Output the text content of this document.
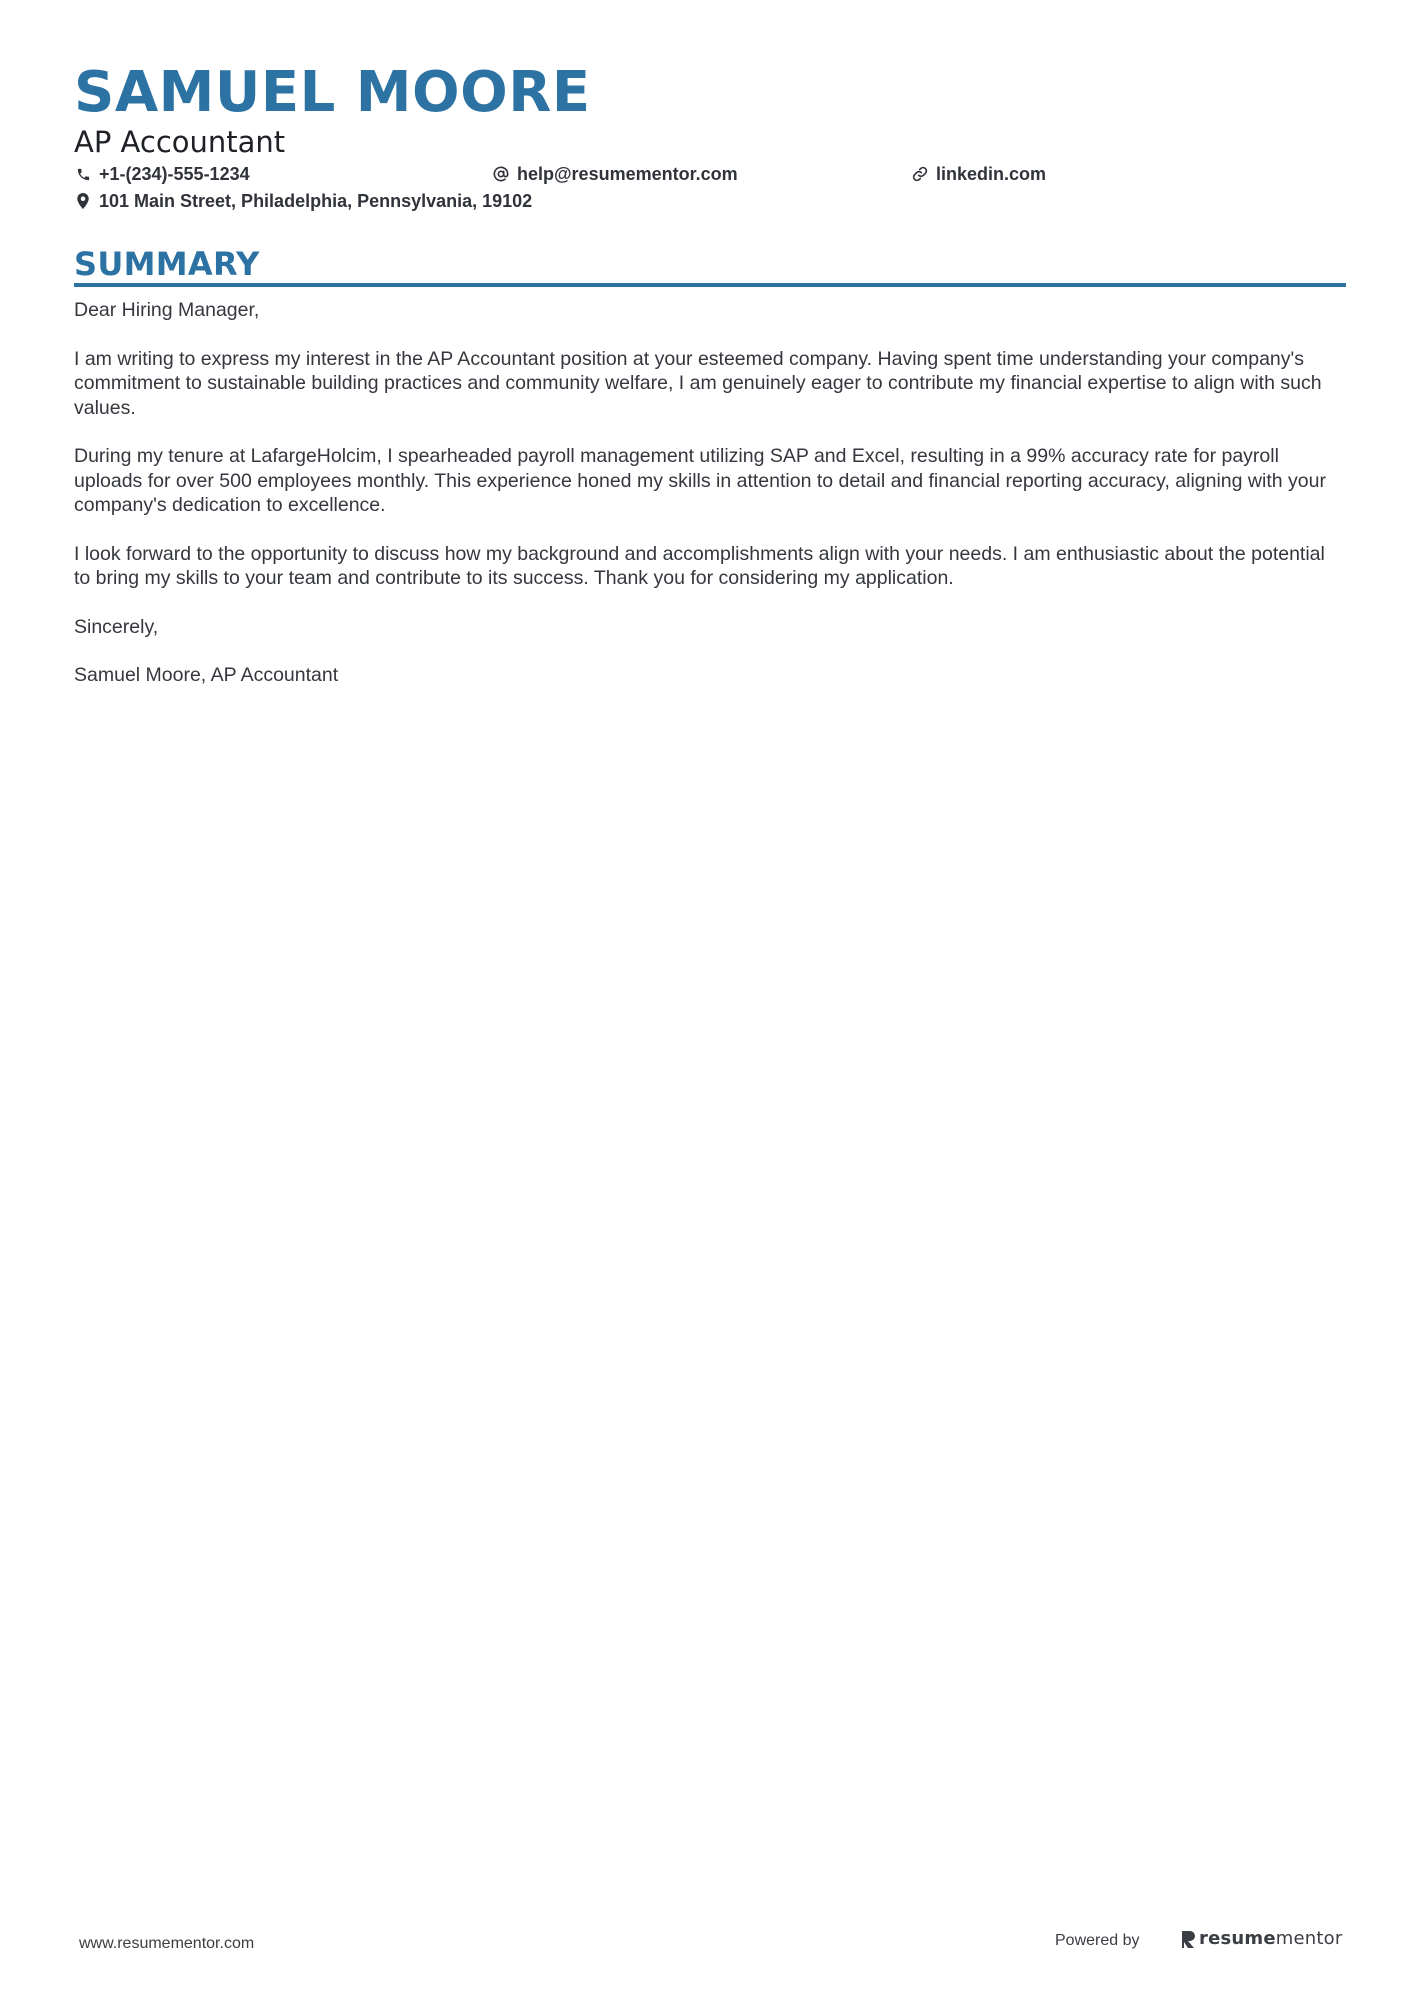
SAMUEL MOORE
AP Accountant
+1-(234)-555-1234	help@resumementor.com	linkedin.com
101 Main Street, Philadelphia, Pennsylvania, 19102
SUMMARY

Dear Hiring Manager,

I am writing to express my interest in the AP Accountant position at your esteemed company. Having spent time understanding your company's commitment to sustainable building practices and community welfare, I am genuinely eager to contribute my financial expertise to align with such values.

During my tenure at LafargeHolcim, I spearheaded payroll management utilizing SAP and Excel, resulting in a 99% accuracy rate for payroll uploads for over 500 employees monthly. This experience honed my skills in attention to detail and financial reporting accuracy, aligning with your company's dedication to excellence.

I look forward to the opportunity to discuss how my background and accomplishments align with your needs. I am enthusiastic about the potential to bring my skills to your team and contribute to its success. Thank you for considering my application.

Sincerely,

Samuel Moore, AP Accountant

www.resumementor.com	Powered by	resume mentor
